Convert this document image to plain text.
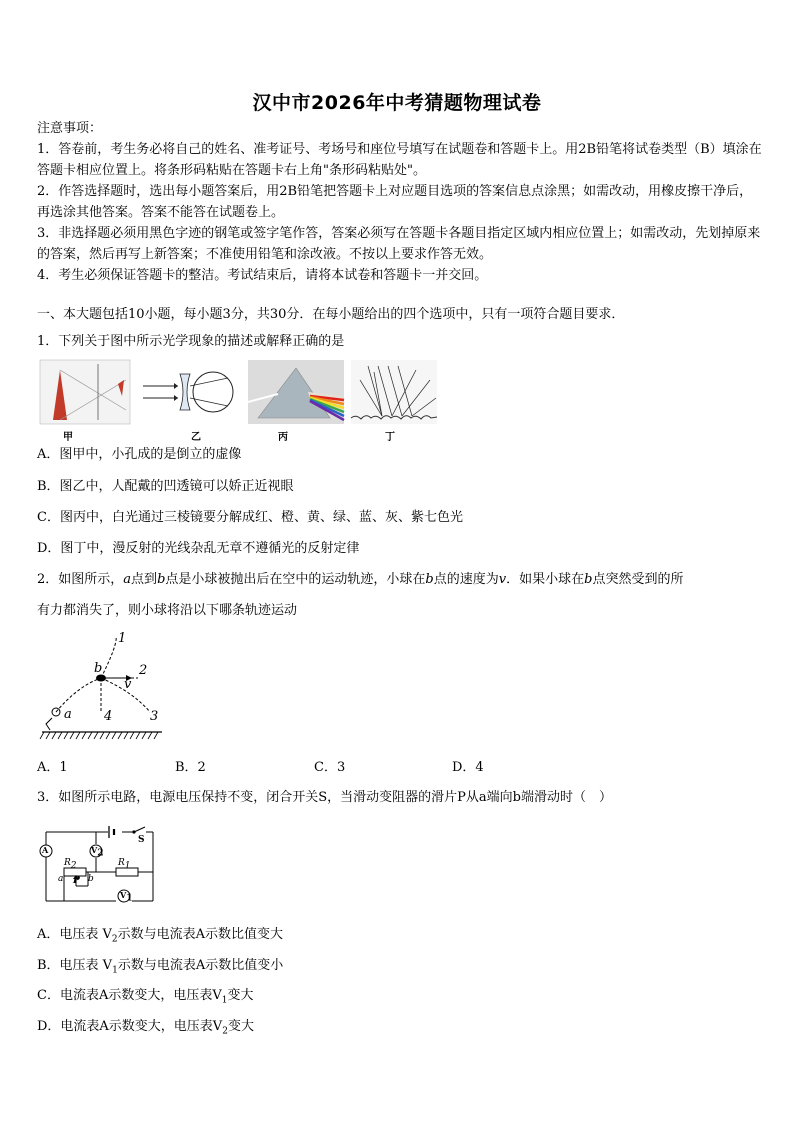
汉中市2026年中考猜题物理试卷
注意事项：
1．答卷前，考生务必将自己的姓名、准考证号、考场号和座位号填写在试题卷和答题卡上。用2B铅笔将试卷类型（B）填涂在答题卡相应位置上。将条形码粘贴在答题卡右上角"条形码粘贴处"。
2．作答选择题时，选出每小题答案后，用2B铅笔把答题卡上对应题目选项的答案信息点涂黑；如需改动，用橡皮擦干净后，再选涂其他答案。答案不能答在试题卷上。
3．非选择题必须用黑色字迹的钢笔或签字笔作答，答案必须写在答题卡各题目指定区域内相应位置上；如需改动，先划掉原来的答案，然后再写上新答案；不准使用铅笔和涂改液。不按以上要求作答无效。
4．考生必须保证答题卡的整洁。考试结束后，请将本试卷和答题卡一并交回。
一、本大题包括10小题，每小题3分，共30分．在每小题给出的四个选项中，只有一项符合题目要求．
1．下列关于图中所示光学现象的描述或解释正确的是
甲	乙	丙	丁
A．图甲中，小孔成的是倒立的虚像
B．图乙中，人配戴的凹透镜可以娇正近视眼
C．图丙中，白光通过三棱镜要分解成红、橙、黄、绿、蓝、灰、紫七色光
D．图丁中，漫反射的光线杂乱无章不遵循光的反射定律
2．如图所示，a点到b点是小球被抛出后在空中的运动轨迹，小球在b点的速度为v．如果小球在b点突然受到的所
有力都消失了，则小球将沿以下哪条轨迹运动
1
2
3
4
b
v
a
A．1	B．2	C．3	D．4
3．如图所示电路，电源电压保持不变，闭合开关S，当滑动变阻器的滑片P从a端向b端滑动时（　）
A	$V_2$
$V_1$
S
$R_2$	$R_1$
a P b
A．电压表 $V_2$示数与电流表A示数比值变大
B．电压表 $V_1$示数与电流表A示数比值变小
C．电流表A示数变大，电压表$V_1$变大
D．电流表A示数变大，电压表$V_2$变大
